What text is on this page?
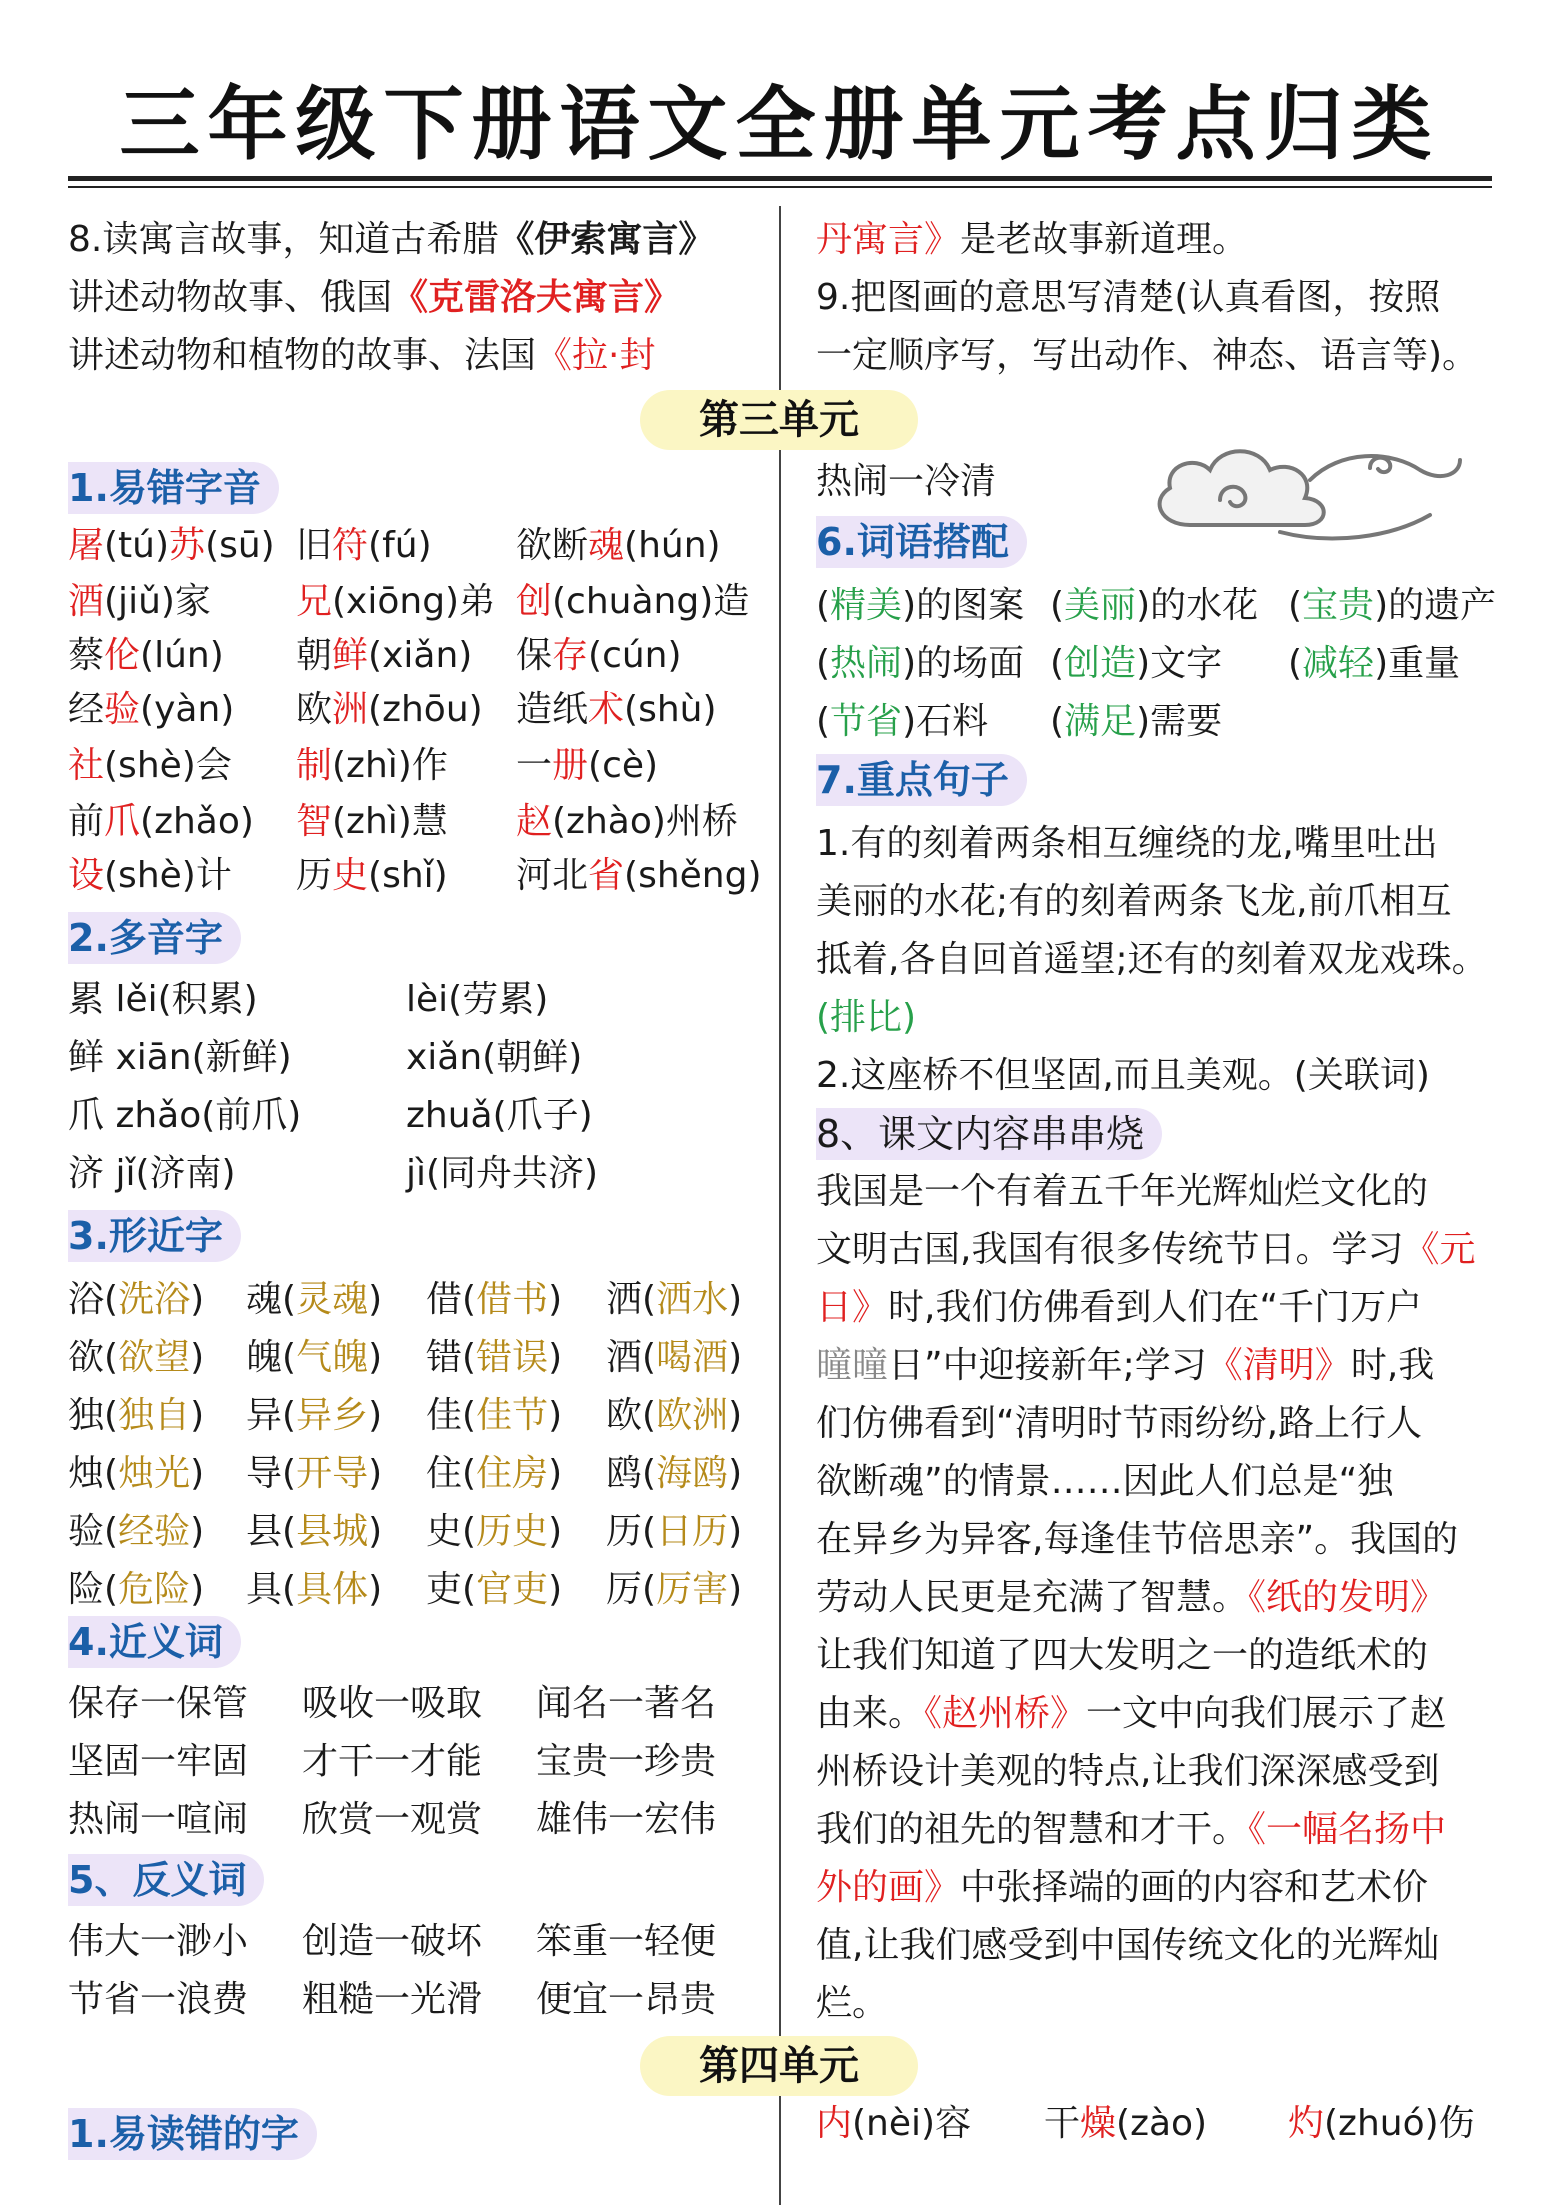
三年级下册语文全册单元考点归类
8.读寓言故事，知道古希腊《伊索寓言》
讲述动物故事、俄国《克雷洛夫寓言》
讲述动物和植物的故事、法国《拉·封
丹寓言》是老故事新道理。
9.把图画的意思写清楚(认真看图，按照
一定顺序写，写出动作、神态、语言等)。
第三单元
1.易错字音
屠(tú)苏(sū) 旧符(fú) 欲断魂(hún)
酒(jiǔ)家 兄(xiōng)弟 创(chuàng)造
蔡伦(lún) 朝鲜(xiǎn) 保存(cún)
经验(yàn) 欧洲(zhōu) 造纸术(shù)
社(shè)会 制(zhì)作 一册(cè)
前爪(zhǎo) 智(zhì)慧 赵(zhào)州桥
设(shè)计 历史(shǐ) 河北省(shěng)
2.多音字
累 lěi(积累)	lèi(劳累)
鲜 xiān(新鲜)	xiǎn(朝鲜)
爪 zhǎo(前爪)	zhuǎ(爪子)
济 jǐ(济南)	jì(同舟共济)
3.形近字
浴(洗浴) 魂(灵魂) 借(借书) 洒(洒水)
欲(欲望) 魄(气魄) 错(错误) 酒(喝酒)
独(独自) 异(异乡) 佳(佳节) 欧(欧洲)
烛(烛光) 导(开导) 住(住房) 鸥(海鸥)
验(经验) 县(县城) 史(历史) 历(日历)
险(危险) 具(具体) 吏(官吏) 厉(厉害)
4.近义词
保存一保管 吸收一吸取 闻名一著名
坚固一牢固 才干一才能 宝贵一珍贵
热闹一喧闹 欣赏一观赏 雄伟一宏伟
5、反义词
伟大一渺小 创造一破坏 笨重一轻便
节省一浪费 粗糙一光滑 便宜一昂贵
第四单元
1.易读错的字
热闹一冷清
6.词语搭配
(精美)的图案 (美丽)的水花 (宝贵)的遗产
(热闹)的场面 (创造)文字 (减轻)重量
(节省)石料 (满足)需要
7.重点句子
1.有的刻着两条相互缠绕的龙,嘴里吐出
美丽的水花;有的刻着两条飞龙,前爪相互
抵着,各自回首遥望;还有的刻着双龙戏珠。
(排比)
2.这座桥不但坚固,而且美观。(关联词)
8、课文内容串串烧
我国是一个有着五千年光辉灿烂文化的
文明古国,我国有很多传统节日。学习《元
日》时,我们仿佛看到人们在“千门万户
曈曈日”中迎接新年;学习《清明》时,我
们仿佛看到“清明时节雨纷纷,路上行人
欲断魂”的情景……因此人们总是“独
在异乡为异客,每逢佳节倍思亲”。我国的
劳动人民更是充满了智慧。《纸的发明》
让我们知道了四大发明之一的造纸术的
由来。《赵州桥》一文中向我们展示了赵
州桥设计美观的特点,让我们深深感受到
我们的祖先的智慧和才干。《一幅名扬中
外的画》中张择端的画的内容和艺术价
值,让我们感受到中国传统文化的光辉灿
烂。
内(nèi)容 干燥(zào) 灼(zhuó)伤
